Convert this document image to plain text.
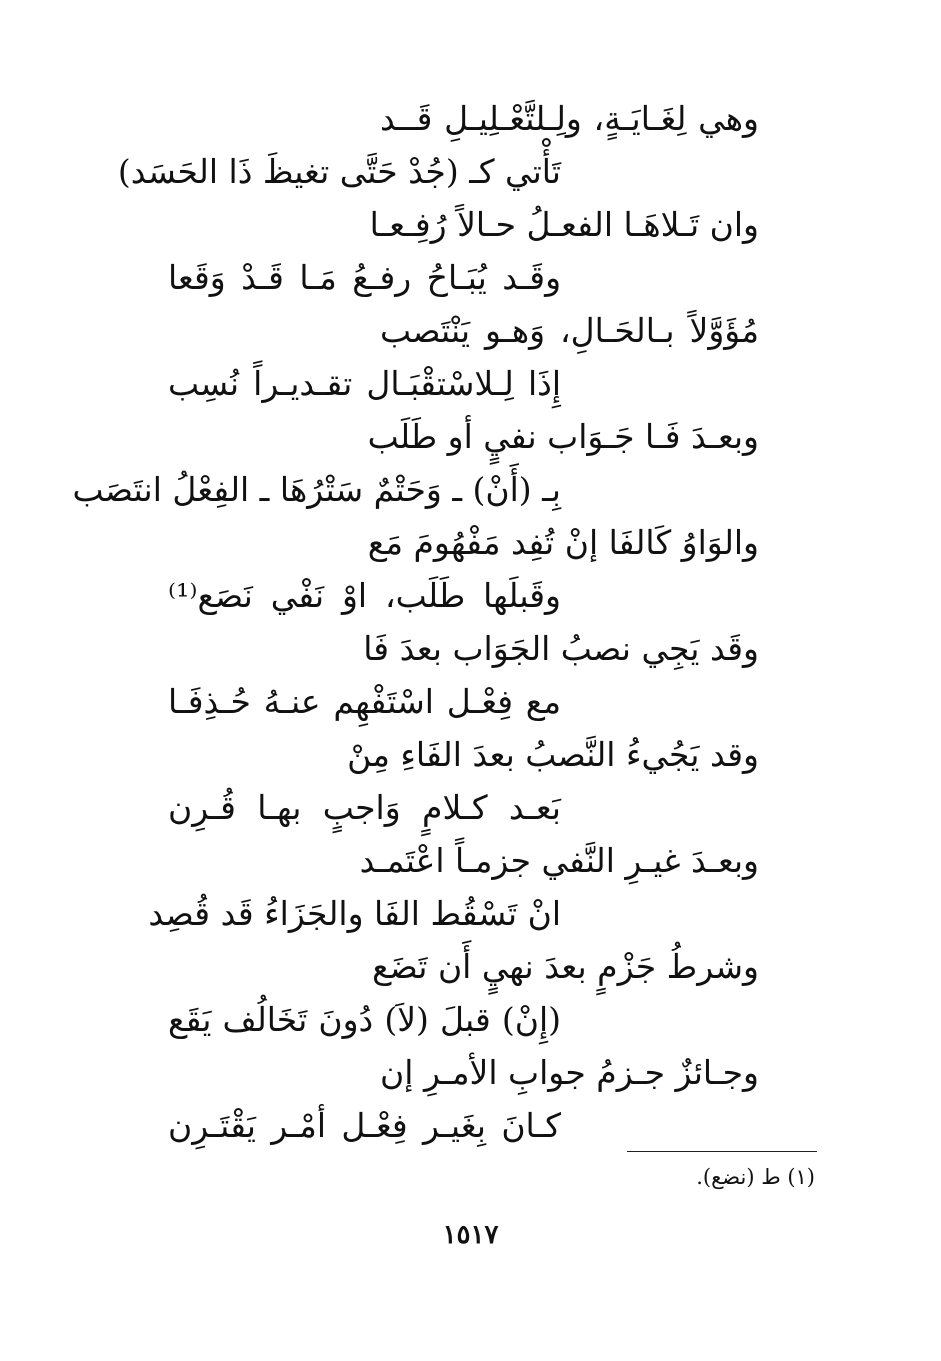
وهي لِغَـايَـةٍ، ولِـلتَّعْـلِيـلِ قَــد
تَأْتي كـ (جُدْ حَتَّى تغيظَ ذَا الحَسَد)
وان تَـلاهَـا الفعـلُ حـالاً رُفِـعـا
وقَـد يُبَـاحُ رفـعُ مَـا قَـدْ وَقَعا
مُؤَوَّلاً بـالحَـالِ، وَهـو يَنْتَصب
إِذَا لِـلاسْتقْبَـال تقـديـراً نُسِب
وبعـدَ فَـا جَـوَاب نفيٍ أو طَلَب
بِـ (أَنْ) ـ وَحَتْمٌ سَتْرُهَا ـ الفِعْلُ انتَصَب
والوَاوُ كَالفَا إنْ تُفِد مَفْهُومَ مَع
وقَبلَها طَلَب، اوْ نَفْي نَصَع⁽¹⁾
وقَد يَجِي نصبُ الجَوَاب بعدَ فَا
مع فِعْـل اسْتَفْهِم عنـهُ حُـذِفَـا
وقد يَجُيءُ النَّصبُ بعدَ الفَاءِ مِنْ
بَعـد كـلامٍ وَاجبٍ بهـا قُـرِن
وبعـدَ غيـرِ النَّفي جزمـاً اعْتَمـد
انْ تَسْقُط الفَا والجَزَاءُ قَد قُصِد
وشرطُ جَزْمٍ بعدَ نهيٍ أَن تَضَع
(إِنْ) قبلَ (لاَ) دُونَ تَخَالُف يَقَع
وجـائزٌ جـزمُ جوابِ الأمـرِ إن
كـانَ بِغَيـر فِعْـل أمْـر يَقْتَـرِن
(١) ط (نضع).
١٥١٧
